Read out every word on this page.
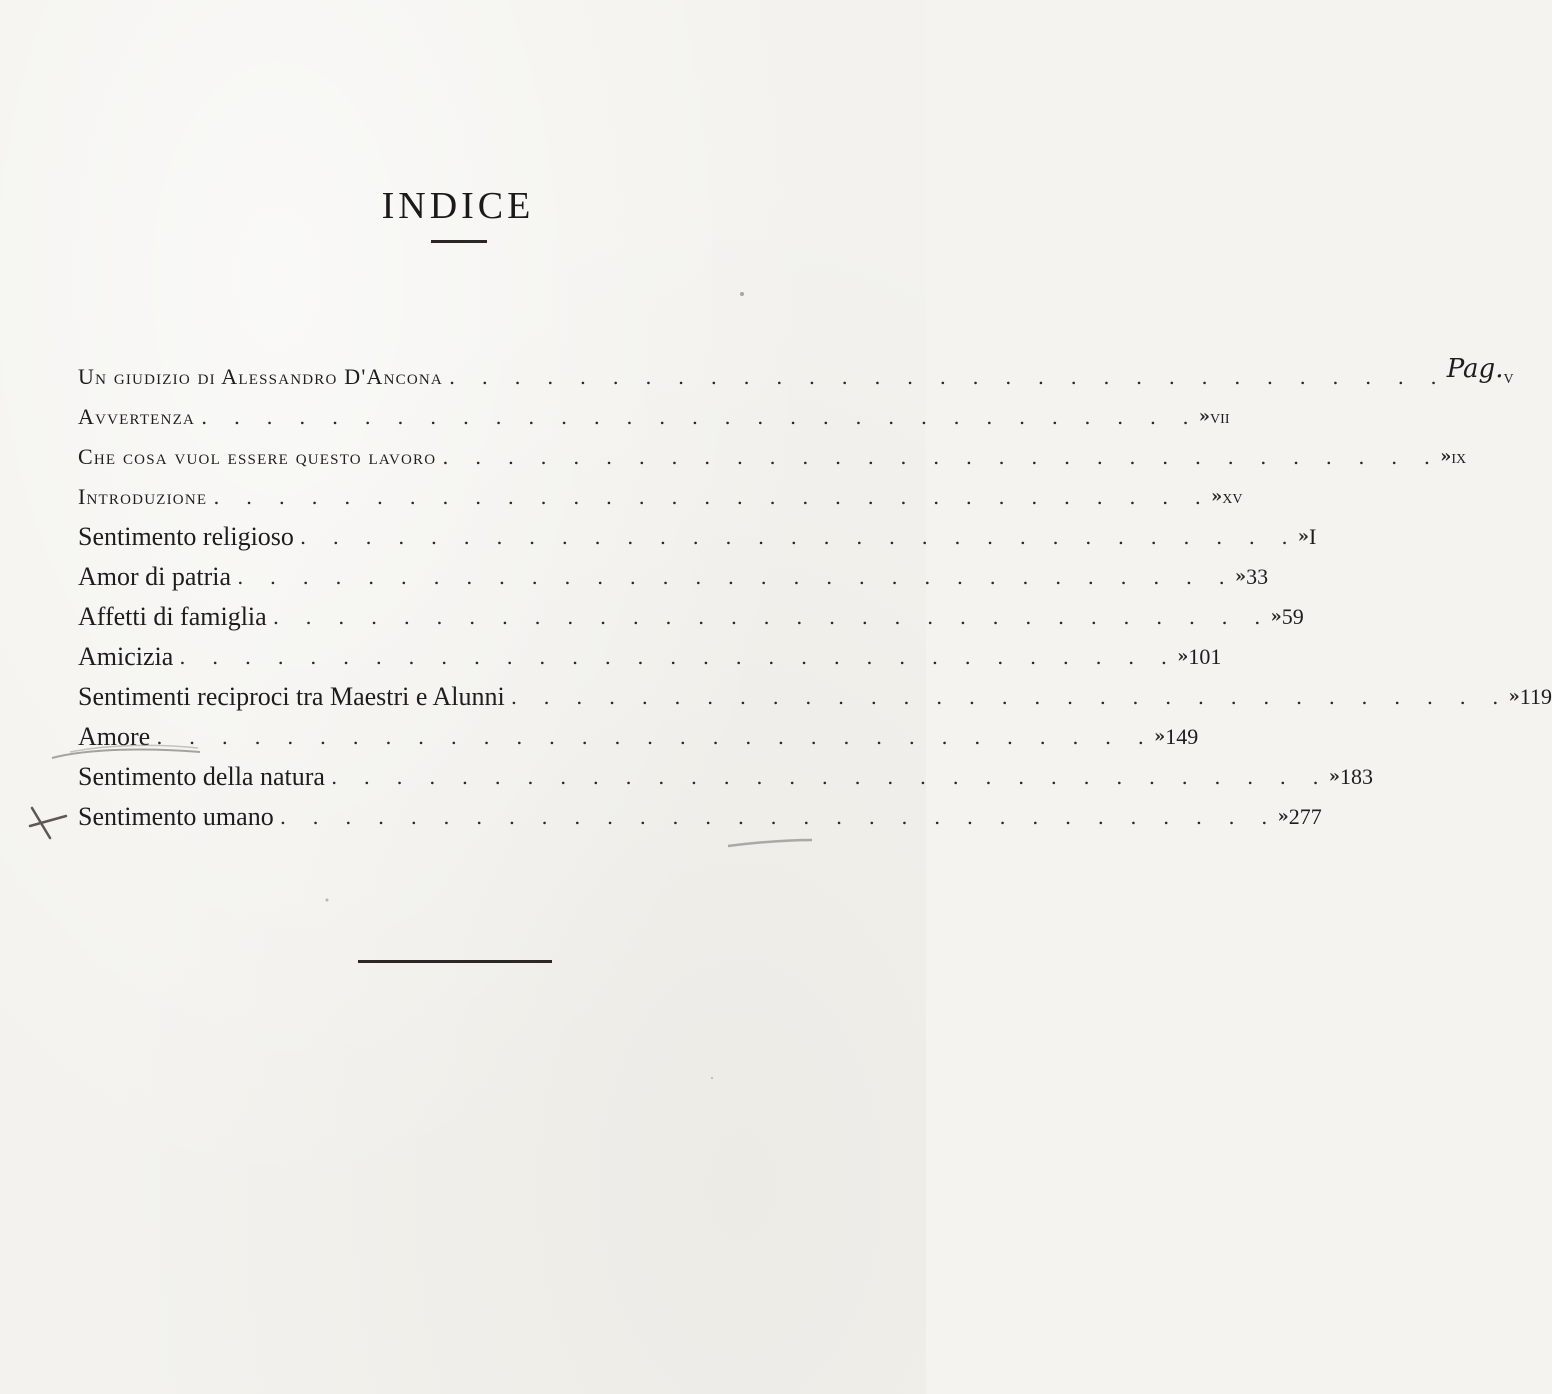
INDICE
Un giudizio di Alessandro D'Ancona . . . . . . . . . . . . . . . . . . . . . . . . . . . . . . . Pag. v
Avvertenza . . . . . . . . . . . . . . . . . . . . . . . . . . . . . . . » vii
Che cosa vuol essere questo lavoro . . . . . . . . . . . . . . . . . . . . . . . . . . . . . . . » ix
Introduzione . . . . . . . . . . . . . . . . . . . . . . . . . . . . . . . » xv
Sentimento religioso . . . . . . . . . . . . . . . . . . . . . . . . . . . . . . . » I
Amor di patria . . . . . . . . . . . . . . . . . . . . . . . . . . . . . . . » 33
Affetti di famiglia . . . . . . . . . . . . . . . . . . . . . . . . . . . . . . . » 59
Amicizia . . . . . . . . . . . . . . . . . . . . . . . . . . . . . . . » 101
Sentimenti reciproci tra Maestri e Alunni . . . . . . . . . . . . . . . . . . . . . . . . . . . . . . . » 119
Amore . . . . . . . . . . . . . . . . . . . . . . . . . . . . . . . » 149
Sentimento della natura . . . . . . . . . . . . . . . . . . . . . . . . . . . . . . . » 183
Sentimento umano . . . . . . . . . . . . . . . . . . . . . . . . . . . . . . . » 277
